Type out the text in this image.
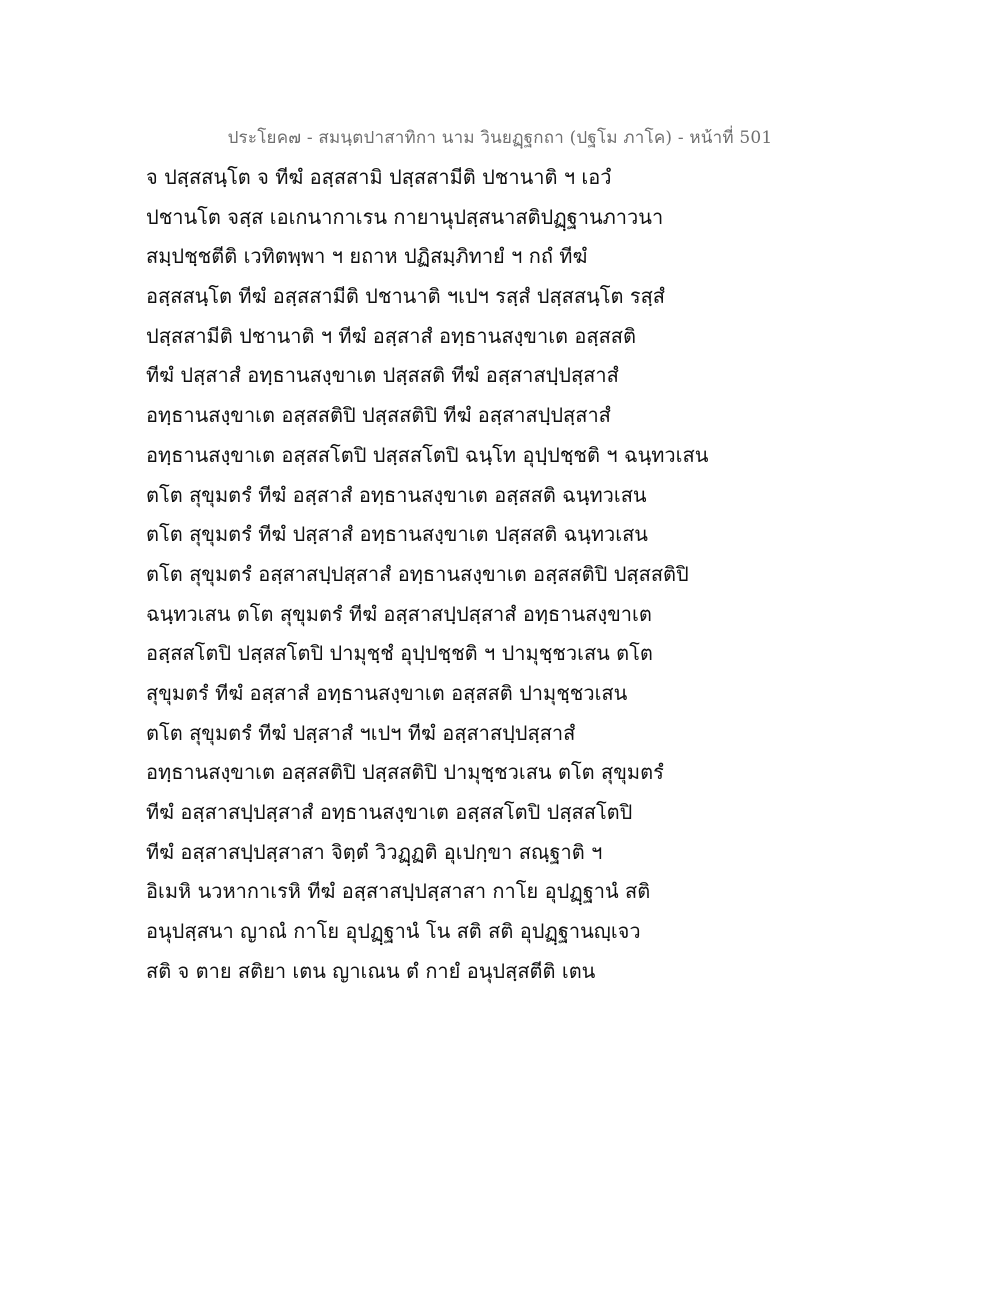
ประโยค๗ - สมนฺตปาสาทิกา นาม วินยฏฺฐกถา (ปฐโม ภาโค) - หน้าที่ 501
จ ปสฺสสนฺโต จ ทีฆํ อสฺสสามิ ปสฺสสามีติ ปชานาติ ฯ เอวํ
ปชานโต จสฺส เอเกนากาเรน กายานุปสฺสนาสติปฏฺฐานภาวนา
สมฺปชฺชตีติ เวทิตพฺพา ฯ ยถาห ปฏิสมฺภิทายํ ฯ กถํ ทีฆํ
อสฺสสนฺโต ทีฆํ อสฺสสามีติ ปชานาติ ฯเปฯ รสฺสํ ปสฺสสนฺโต รสฺสํ
ปสฺสสามีติ ปชานาติ ฯ ทีฆํ อสฺสาสํ อทฺธานสงฺขาเต อสฺสสติ
ทีฆํ ปสฺสาสํ อทฺธานสงฺขาเต ปสฺสสติ ทีฆํ อสฺสาสปฺปสฺสาสํ
อทฺธานสงฺขาเต อสฺสสติปิ ปสฺสสติปิ ทีฆํ อสฺสาสปฺปสฺสาสํ
อทฺธานสงฺขาเต อสฺสสโตปิ ปสฺสสโตปิ ฉนฺโท อุปฺปชฺชติ ฯ ฉนฺทวเสน
ตโต สุขุมตรํ ทีฆํ อสฺสาสํ อทฺธานสงฺขาเต อสฺสสติ ฉนฺทวเสน
ตโต สุขุมตรํ ทีฆํ ปสฺสาสํ อทฺธานสงฺขาเต ปสฺสสติ ฉนฺทวเสน
ตโต สุขุมตรํ อสฺสาสปฺปสฺสาสํ อทฺธานสงฺขาเต อสฺสสติปิ ปสฺสสติปิ
ฉนฺทวเสน ตโต สุขุมตรํ ทีฆํ อสฺสาสปฺปสฺสาสํ อทฺธานสงฺขาเต
อสฺสสโตปิ ปสฺสสโตปิ ปามุชฺชํ อุปฺปชฺชติ ฯ ปามุชฺชวเสน ตโต
สุขุมตรํ ทีฆํ อสฺสาสํ อทฺธานสงฺขาเต อสฺสสติ ปามุชฺชวเสน
ตโต สุขุมตรํ ทีฆํ ปสฺสาสํ ฯเปฯ ทีฆํ อสฺสาสปฺปสฺสาสํ
อทฺธานสงฺขาเต อสฺสสติปิ ปสฺสสติปิ ปามุชฺชวเสน ตโต สุขุมตรํ
ทีฆํ อสฺสาสปฺปสฺสาสํ อทฺธานสงฺขาเต อสฺสสโตปิ ปสฺสสโตปิ
ทีฆํ อสฺสาสปฺปสฺสาสา จิตฺตํ วิวฏฺฏติ อุเปกฺขา สณฺฐาติ ฯ
อิเมหิ นวหากาเรหิ ทีฆํ อสฺสาสปฺปสฺสาสา กาโย อุปฏฺฐานํ สติ
อนุปสฺสนา ญาณํ กาโย อุปฏฺฐานํ โน สติ สติ อุปฏฺฐานญฺเจว
สติ จ ตาย สติยา เตน ญาเณน ตํ กายํ อนุปสฺสตีติ เตน
